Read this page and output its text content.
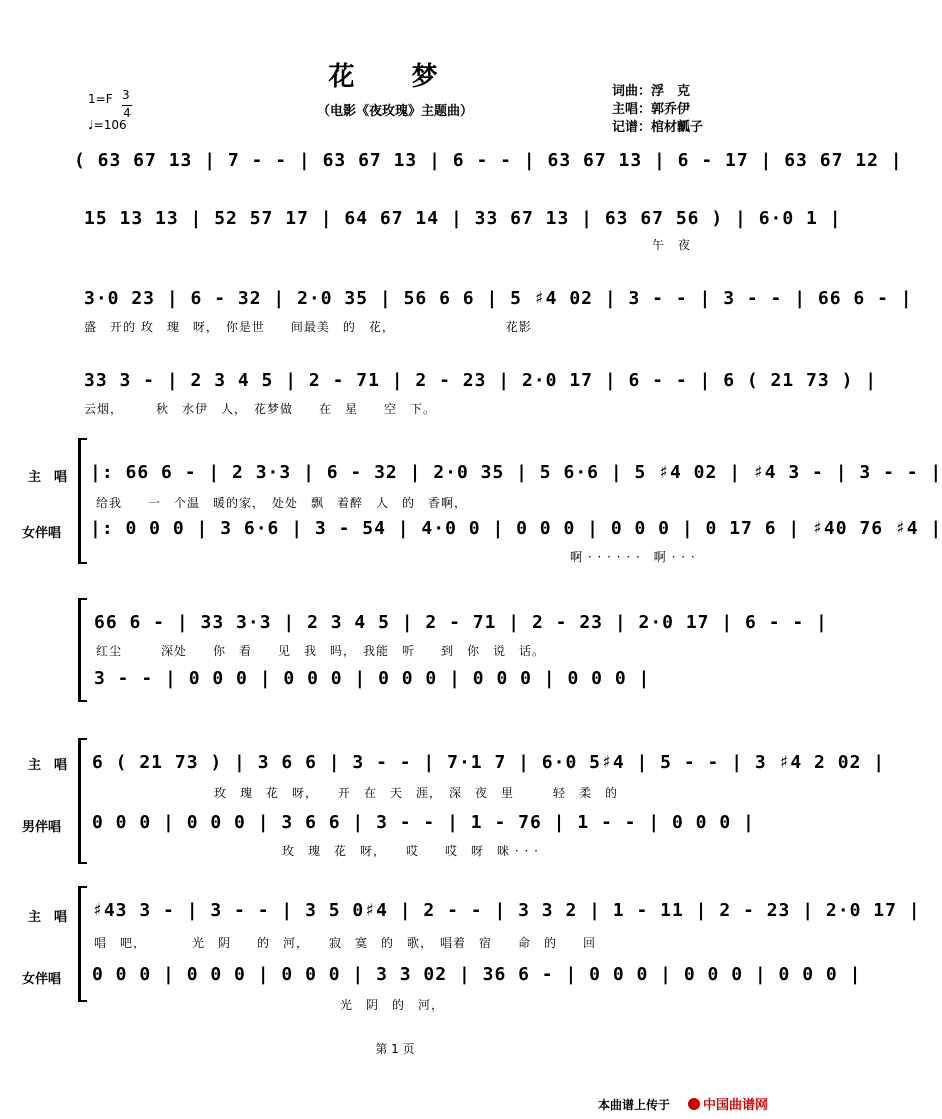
花 梦
（电影《夜玫瑰》主题曲）
词曲：浮　克
主唱：郭乔伊
记谱：棺材瓤子
1=F 3
4
♩=106
( 63 67 13 | 7 - - | 63 67 13 | 6 - - | 63 67 13 | 6 - 17 | 63 67 12 |
15 13 13 | 52 57 17 | 64 67 14 | 33 67 13 | 63 67 56 ) | 6·0 1 |
午　夜
3·0 23 | 6 - 32 | 2·0 35 | 56 6 6 | 5 ♯4 02 | 3 - - | 3 - - | 66 6 - |
盛　开的 玫　瑰　呀，　你是世　　间最美　的　花，　　　　　　　　　花影
33 3 - | 2 3 4 5 | 2 - 71 | 2 - 23 | 2·0 17 | 6 - - | 6 ( 21 73 ) |
云烟，　　　秋　水伊　人，　花梦做　　在　星　　空　下。
主　唱
女伴唱
|: 66 6 - | 2 3·3 | 6 - 32 | 2·0 35 | 5 6·6 | 5 ♯4 02 | ♯4 3 - | 3 - - |
给我　　一　个温　暖的家，　处处　飘　着醉　人　的　香啊，
|: 0 0 0 | 3 6·6 | 3 - 54 | 4·0 0 | 0 0 0 | 0 0 0 | 0 17 6 | ♯40 76 ♯4 |
啊 · · · · · ·　啊 · · ·
66 6 - | 33 3·3 | 2 3 4 5 | 2 - 71 | 2 - 23 | 2·0 17 | 6 - - |
红尘　　　深处　　你　看　　见　我　吗，　我能　听　　到　你　说　话。
3 - - | 0 0 0 | 0 0 0 | 0 0 0 | 0 0 0 | 0 0 0 |
主　唱
男伴唱
6 ( 21 73 ) | 3 6 6 | 3 - - | 7·1 7 | 6·0 5♯4 | 5 - - | 3 ♯4 2 02 |
玫　瑰　花　呀，　　开　在　天　涯，　深　夜　里　　　轻　柔　的
0 0 0 | 0 0 0 | 3 6 6 | 3 - - | 1 - 76 | 1 - - | 0 0 0 |
玫　瑰　花　呀，　　哎　　哎　呀　咪 · · ·
主　唱
女伴唱
♯43 3 - | 3 - - | 3 5 0♯4 | 2 - - | 3 3 2 | 1 - 11 | 2 - 23 | 2·0 17 |
唱　吧，　　　　光　阴　　的　河，　　寂　寞　的　歌，　唱着　宿　　命　的　　回
0 0 0 | 0 0 0 | 0 0 0 | 3 3 02 | 36 6 - | 0 0 0 | 0 0 0 | 0 0 0 |
光　阴　的　河，
第 1 页
本曲谱上传于	中国曲谱网
